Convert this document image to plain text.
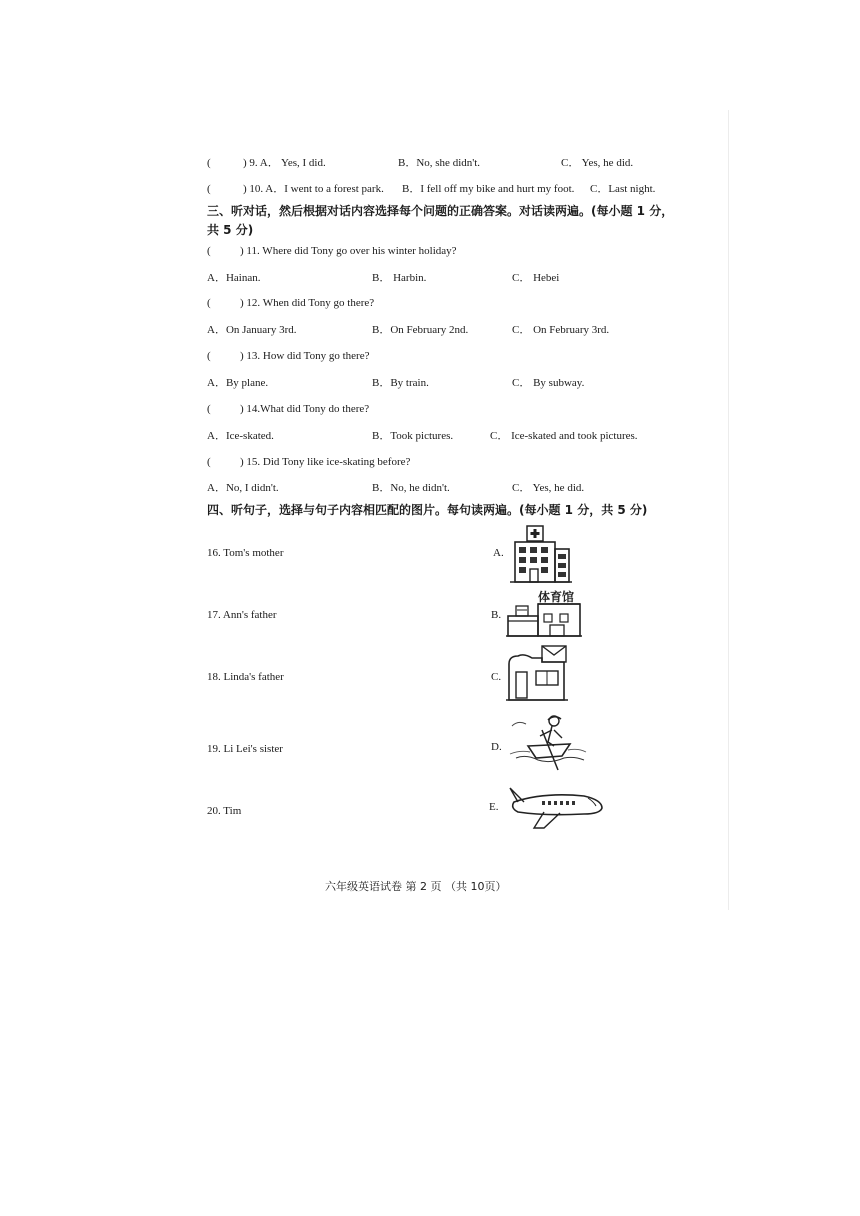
(	) 9. A． Yes, I did.	B．No, she didn't.	C． Yes, he did.
(	) 10. A．I went to a forest park. B．I fell off my bike and hurt my foot. C．Last night.
三、听对话，然后根据对话内容选择每个问题的正确答案。对话读两遍。(每小题 1 分，
共 5 分)
(	) 11. Where did Tony go over his winter holiday?
A．Hainan.	B． Harbin.	C． Hebei
(	) 12. When did Tony go there?
A．On January 3rd.	B．On February 2nd.	C． On February 3rd.
(	) 13. How did Tony go there?
A．By plane.	B．By train.	C． By subway.
(	) 14.What did Tony do there?
A．Ice-skated.	B．Took pictures.	C． Ice-skated and took pictures.
(	) 15. Did Tony like ice-skating before?
A．No, I didn't.	B．No, he didn't.	C． Yes, he did.
四、听句子，选择与句子内容相匹配的图片。每句读两遍。(每小题 1 分，共 5 分)
16. Tom's mother
17. Ann's father
18. Linda's father
19. Li Lei's sister
20. Tim
A.
B.
C.
D.
E.
体育馆
六年级英语试卷 第 2 页 （共 10页）
